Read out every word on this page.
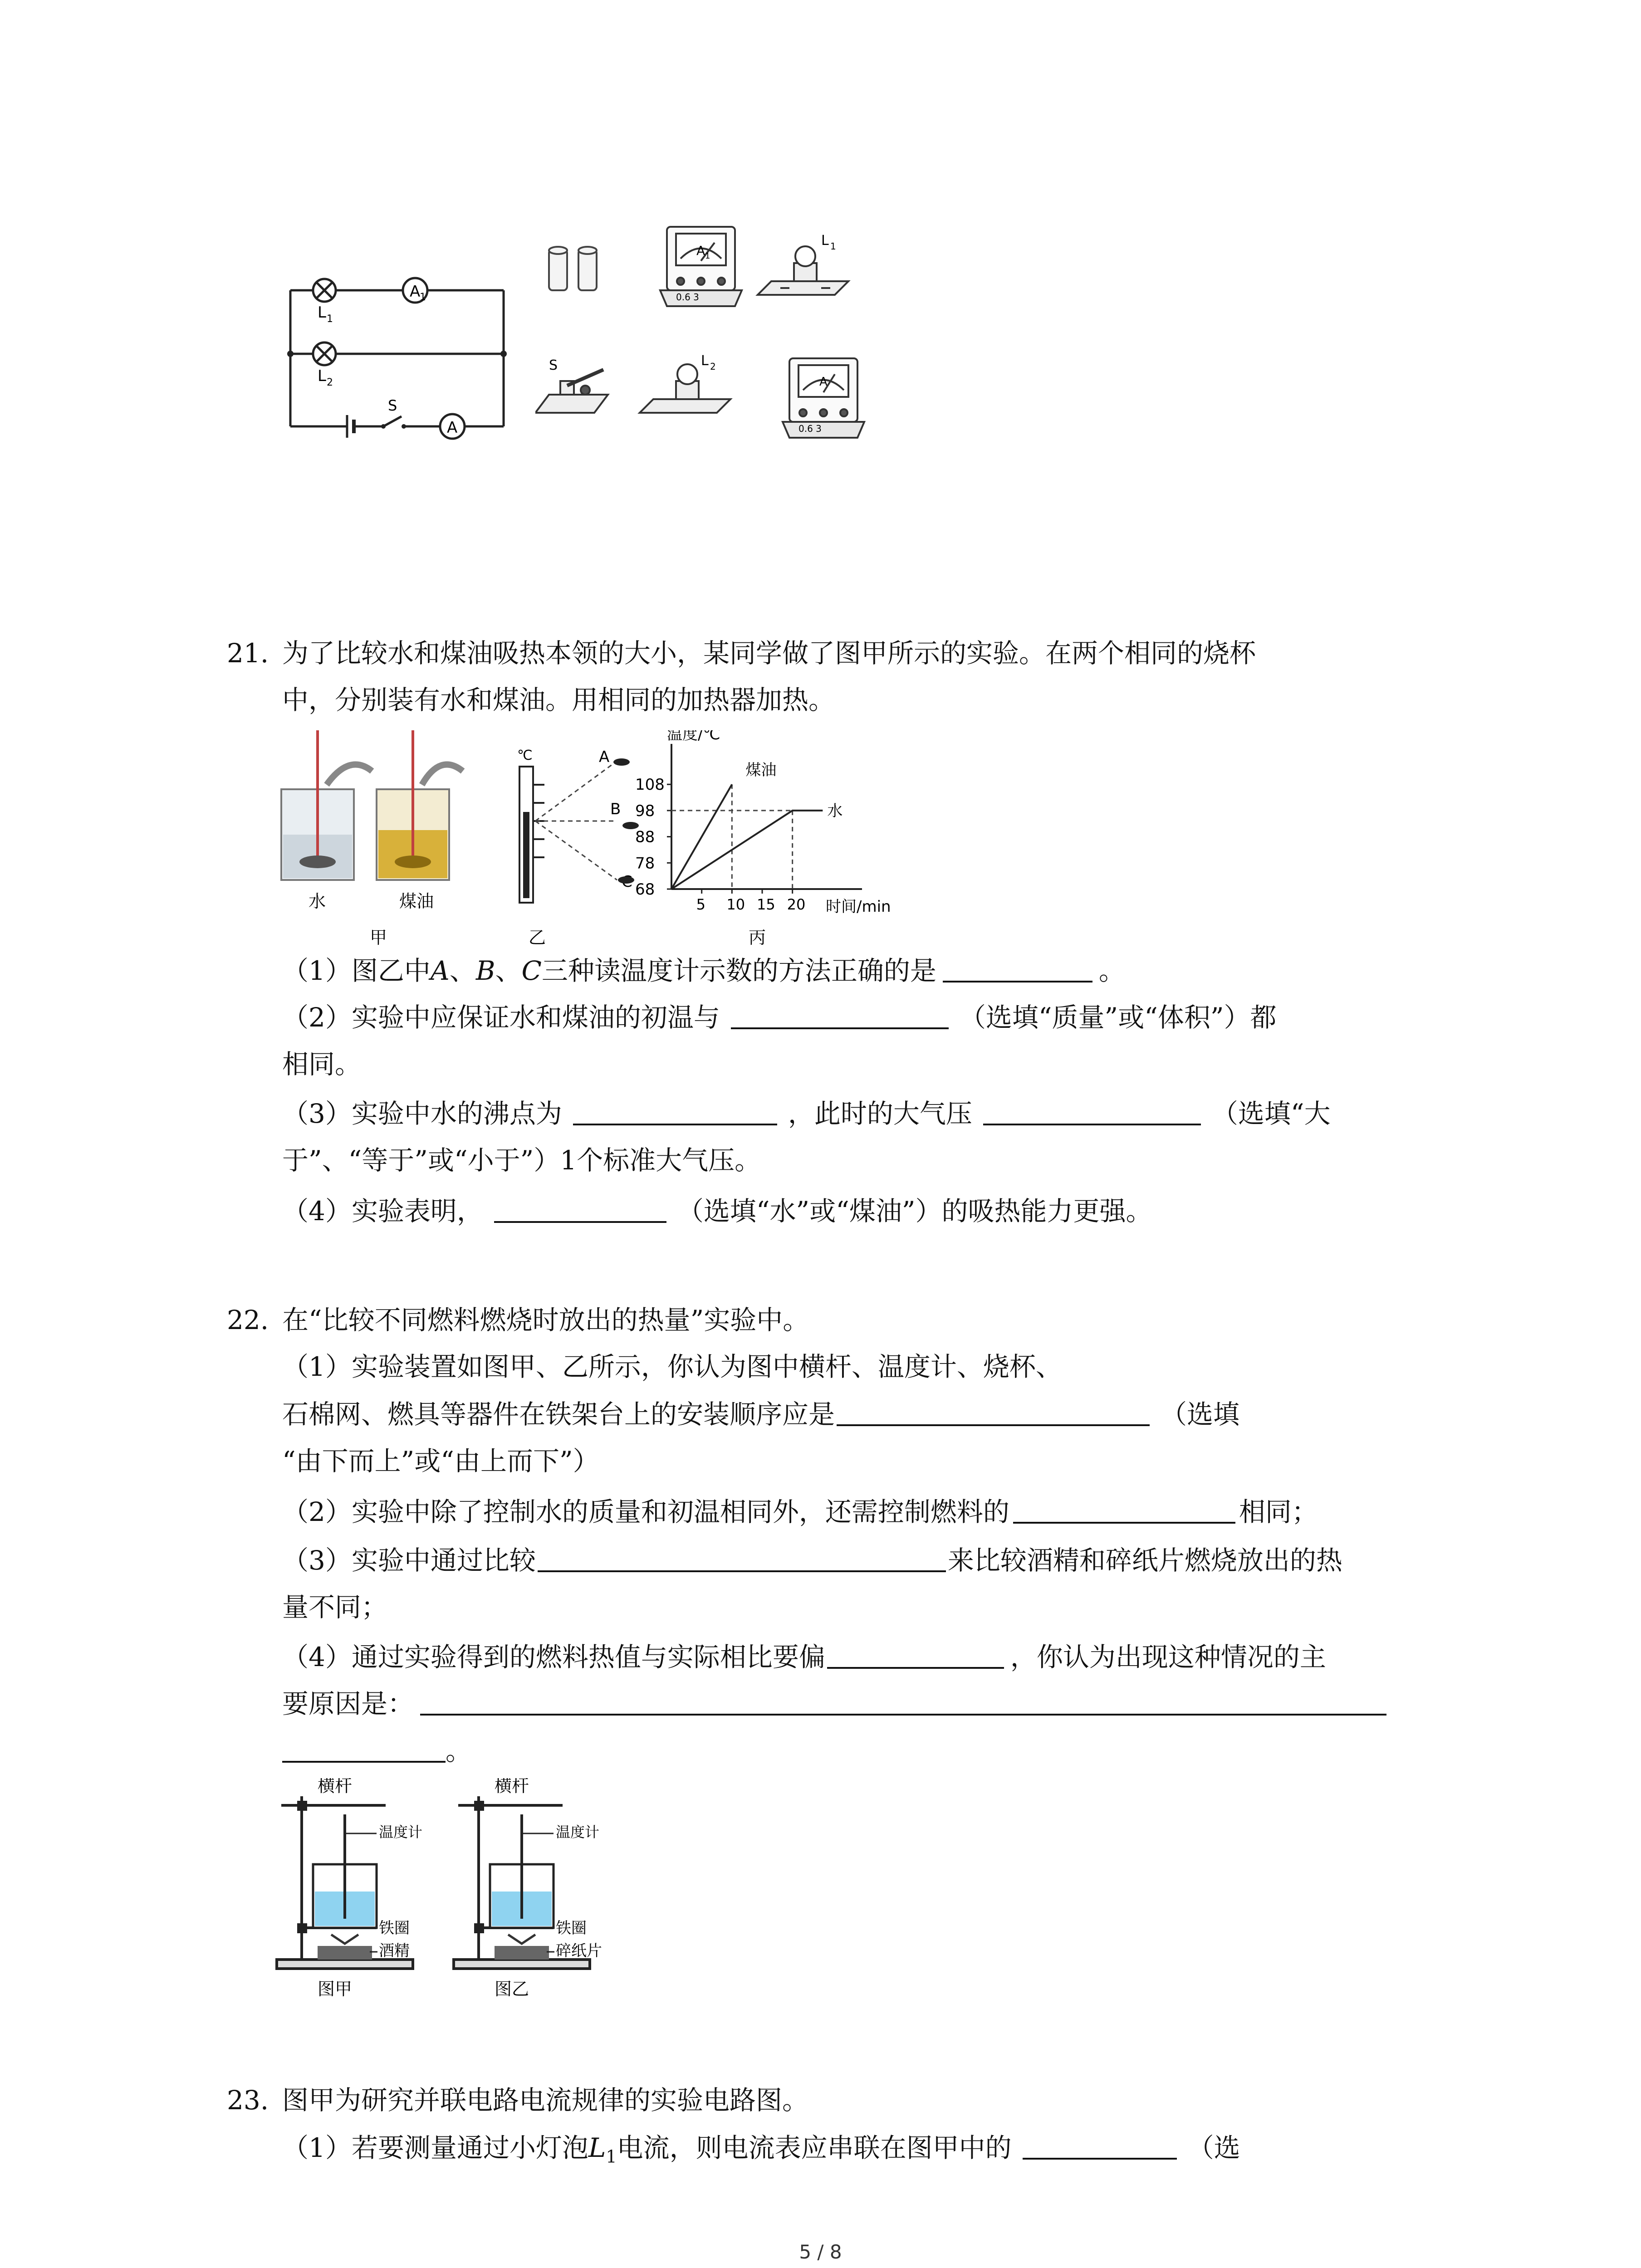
A
1
A
L 1
L 2
S
A 1
0.6 3
L 1
S	L 2
A
0.6 3
21. 为了比较水和煤油吸热本领的大小，某同学做了图甲所示的实验。在两个相同的烧杯
中，分别装有水和煤油。用相同的加热器加热。
水	煤油
甲
℃	A
B
乙
108
98
88
78
68
5 10 15 20
煤油
水
温度/℃
时间/min
丙
（1）图乙中A、B、C三种读温度计示数的方法正确的是	。
（2）实验中应保证水和煤油的初温与	（选填“质量”或“体积”）都
相同。
（3）实验中水的沸点为	，此时的大气压	（选填“大
于”、“等于”或“小于”）1个标准大气压。
（4）实验表明，	（选填“水”或“煤油”）的吸热能力更强。
22. 在“比较不同燃料燃烧时放出的热量”实验中。
（1）实验装置如图甲、乙所示，你认为图中横杆、温度计、烧杯、
石棉网、燃具等器件在铁架台上的安装顺序应是	（选填
“由下而上”或“由上而下”）
（2）实验中除了控制水的质量和初温相同外，还需控制燃料的	相同；
（3）实验中通过比较	来比较酒精和碎纸片燃烧放出的热
量不同；
（4）通过实验得到的燃料热值与实际相比要偏	，你认为出现这种情况的主
要原因是：
。
横杆
温度计
铁圈
酒精
图甲
横杆
温度计
铁圈
碎纸片
图乙
23. 图甲为研究并联电路电流规律的实验电路图。
（1）若要测量通过小灯泡$L_1$电流，则电流表应串联在图甲中的	（选
5 / 8
